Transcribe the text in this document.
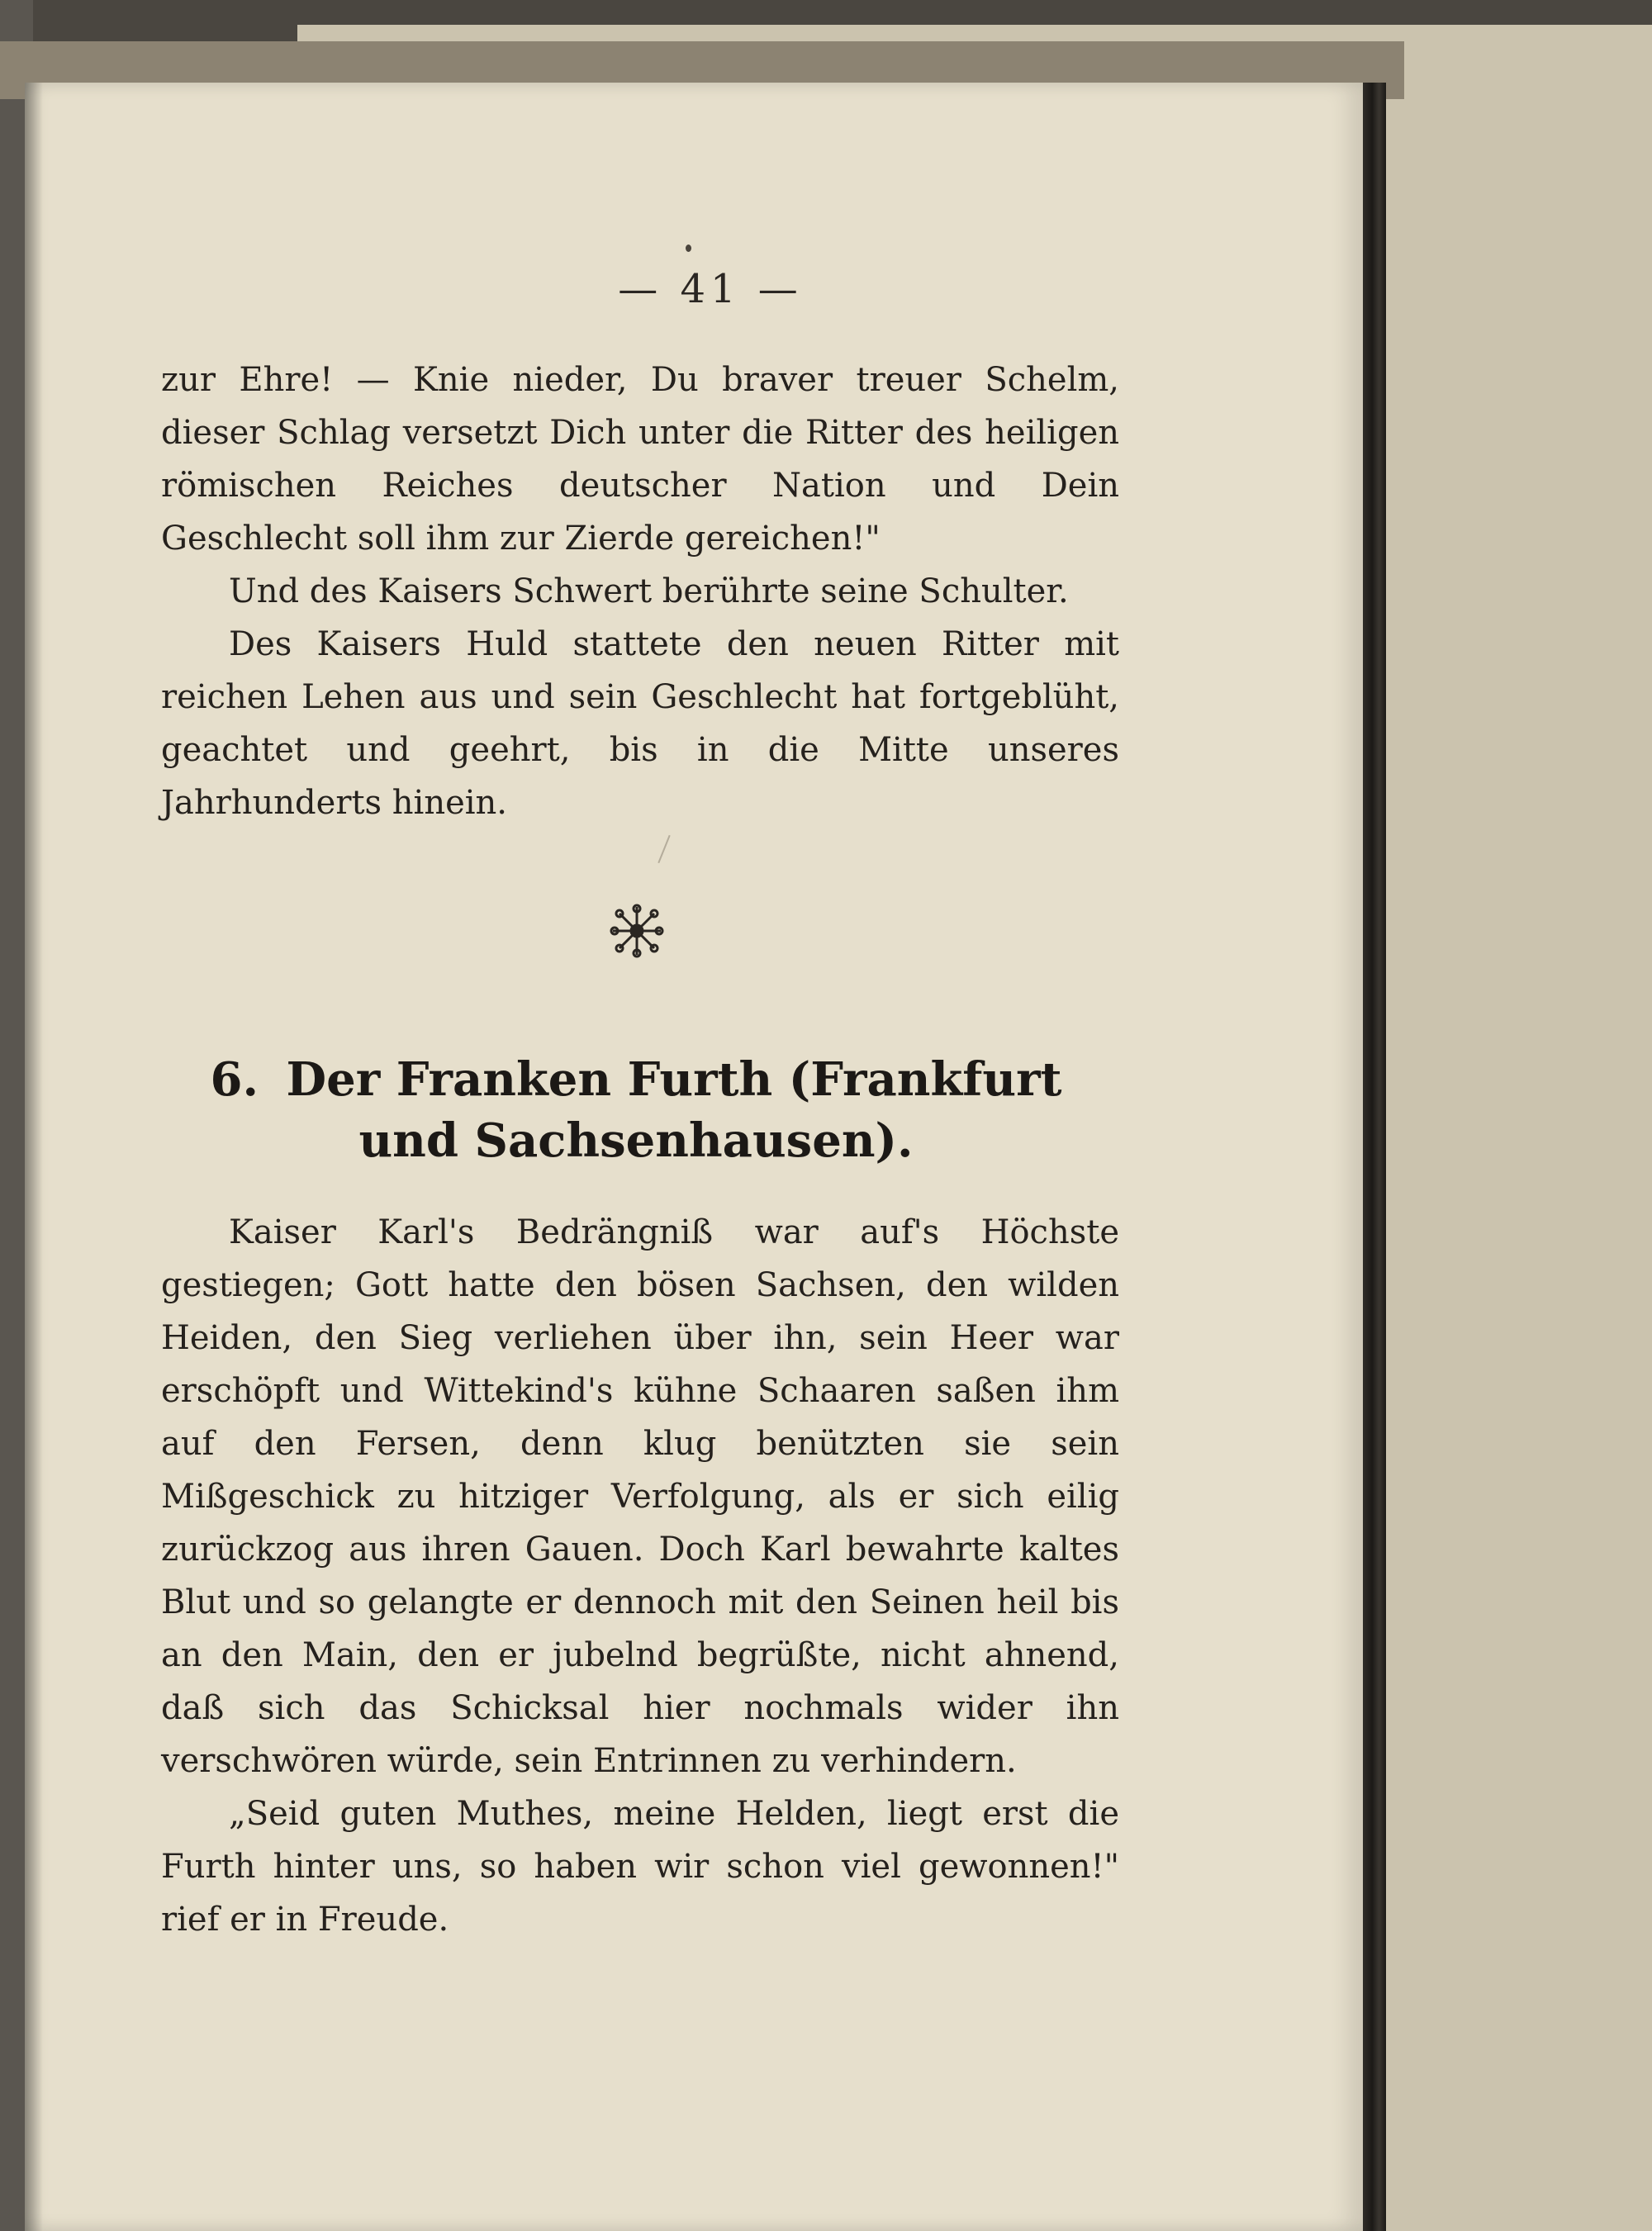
— 41 —

zur Ehre! — Knie nieder, Du braver treuer Schelm, dieser Schlag versetzt Dich unter die Ritter des heiligen römischen Reiches deutscher Nation und Dein Geschlecht soll ihm zur Zierde gereichen!"

Und des Kaisers Schwert berührte seine Schulter.

Des Kaisers Huld stattete den neuen Ritter mit reichen Lehen aus und sein Geschlecht hat fortgeblüht, geachtet und geehrt, bis in die Mitte unseres Jahrhunderts hinein.

6. Der Franken Furth (Frankfurt und Sachsenhausen).

Kaiser Karl's Bedrängniß war auf's Höchste gestiegen; Gott hatte den bösen Sachsen, den wilden Heiden, den Sieg verliehen über ihn, sein Heer war erschöpft und Wittekind's kühne Schaaren saßen ihm auf den Fersen, denn klug benützten sie sein Mißgeschick zu hitziger Verfolgung, als er sich eilig zurückzog aus ihren Gauen. Doch Karl bewahrte kaltes Blut und so gelangte er dennoch mit den Seinen heil bis an den Main, den er jubelnd begrüßte, nicht ahnend, daß sich das Schicksal hier nochmals wider ihn verschwören würde, sein Entrinnen zu verhindern.

„Seid guten Muthes, meine Helden, liegt erst die Furth hinter uns, so haben wir schon viel gewonnen!" rief er in Freude.
